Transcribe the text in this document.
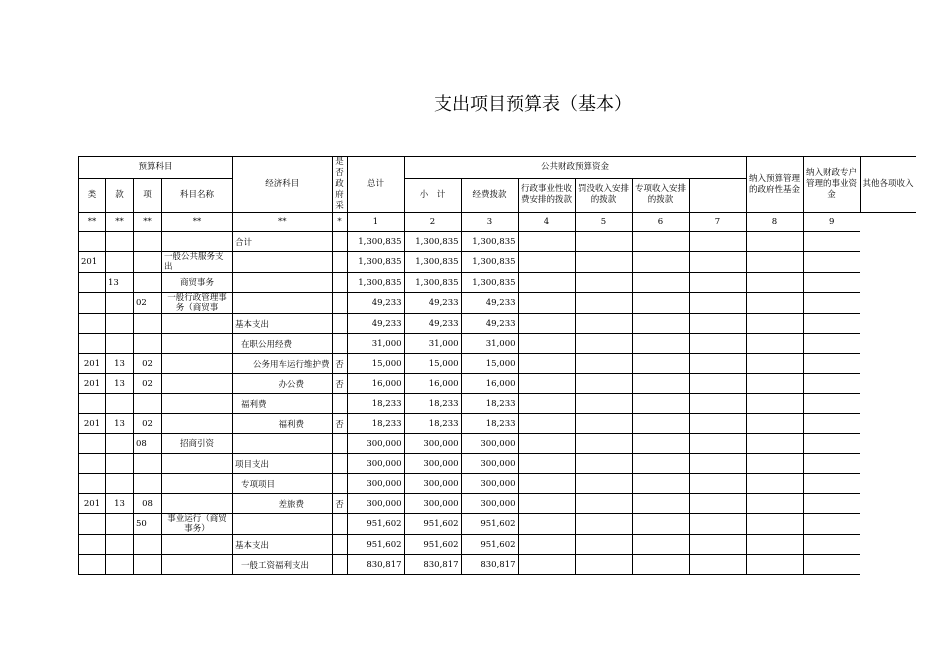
支出项目预算表（基本）
预算科目				经济科目	是否政府采	总计	公共财政预算资金						纳入预算管理的政府性基金	纳入财政专户管理的事业资金	其他各项收入
类	款	项	科目名称				小　计	经费拨款	行政事业性收费安排的拨款	罚没收入安排的拨款	专项收入安排的拨款				
**	**	**	**	**	*	1	2	3	4	5	6	7	8	9	
				合计		1,300,835	1,300,835	1,300,835							
201			一般公共服务支出			1,300,835	1,300,835	1,300,835							
	13		商贸事务			1,300,835	1,300,835	1,300,835							
		02	一般行政管理事务（商贸事			49,233	49,233	49,233							
				基本支出		49,233	49,233	49,233							
				在职公用经费		31,000	31,000	31,000							
201	13	02		公务用车运行维护费	否	15,000	15,000	15,000							
201	13	02		办公费	否	16,000	16,000	16,000							
				福利费		18,233	18,233	18,233							
201	13	02		福利费	否	18,233	18,233	18,233							
		08	招商引资			300,000	300,000	300,000							
				项目支出		300,000	300,000	300,000							
				专项项目		300,000	300,000	300,000							
201	13	08		差旅费	否	300,000	300,000	300,000							
		50	事业运行（商贸事务）			951,602	951,602	951,602							
				基本支出		951,602	951,602	951,602							
				一般工资福利支出		830,817	830,817	830,817							
